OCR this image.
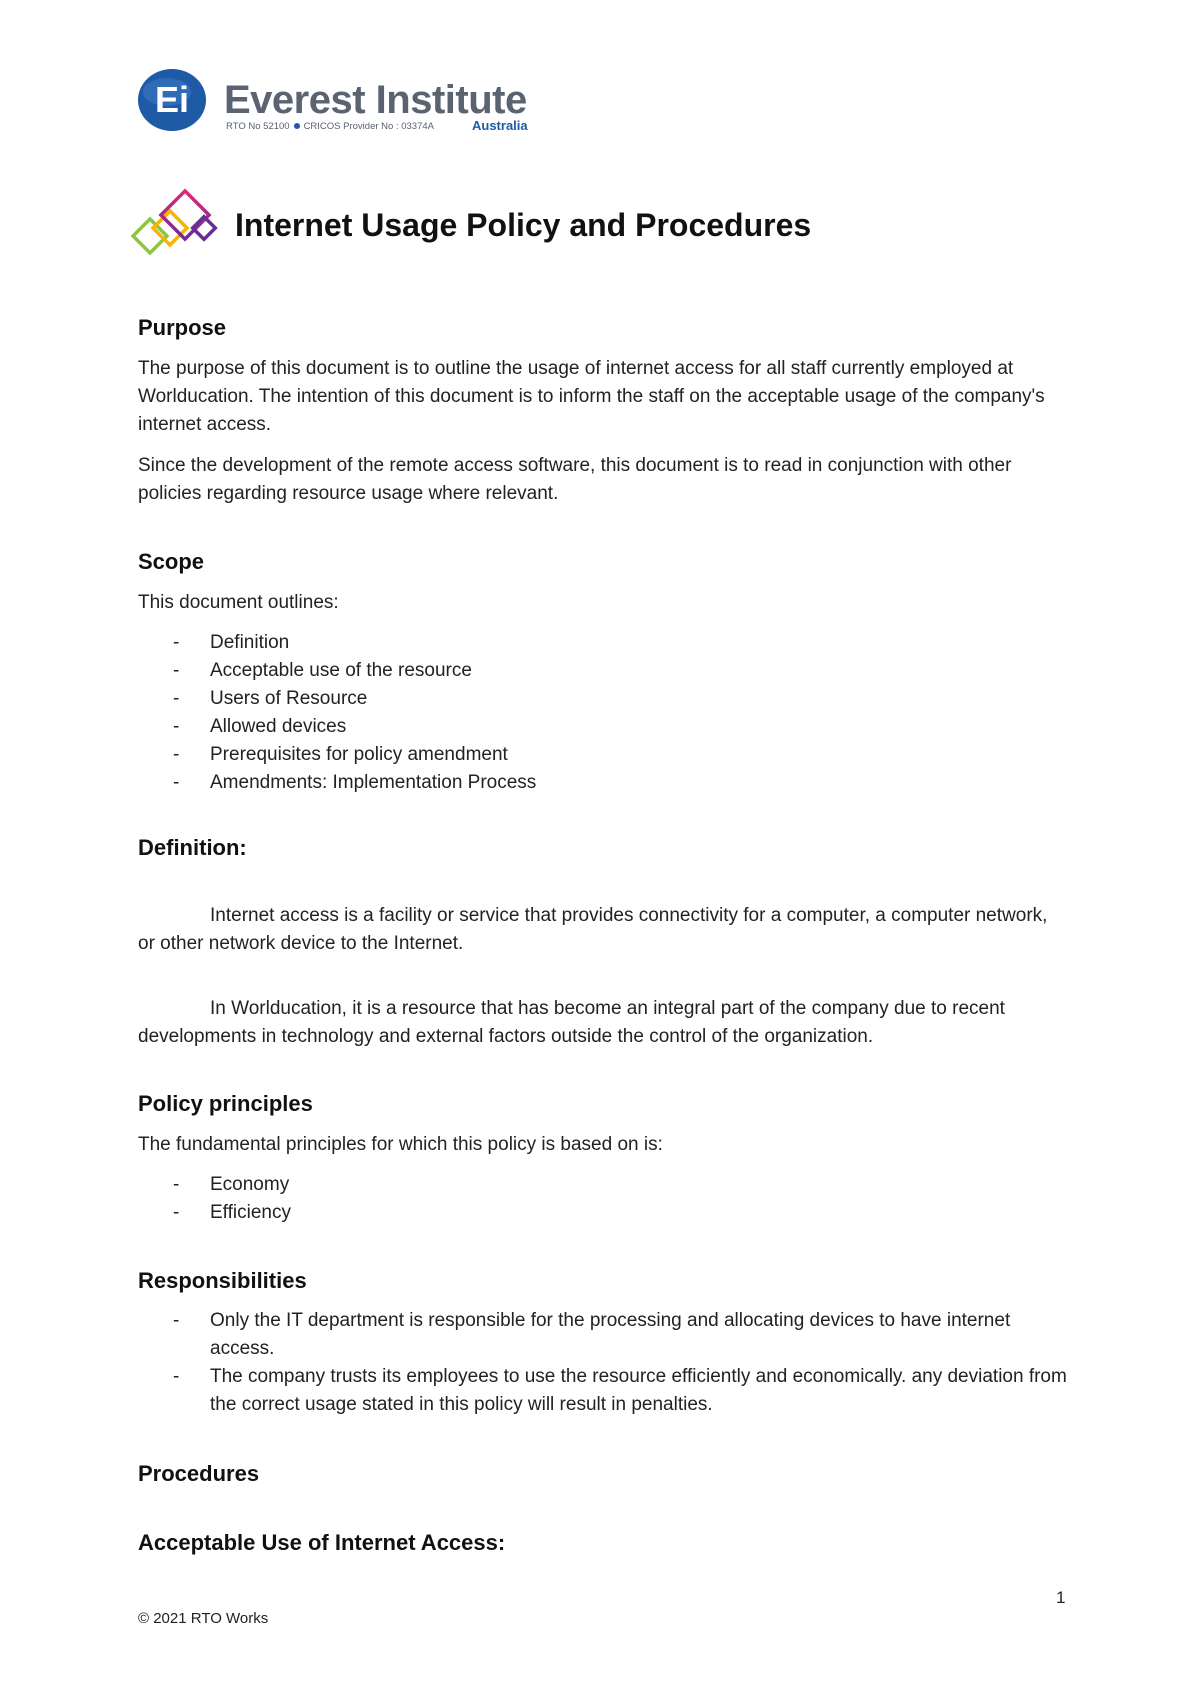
Ei Everest Institute
RTO No 52100 CRICOS Provider No : 03374A	Australia
Internet Usage Policy and Procedures
Purpose

The purpose of this document is to outline the usage of internet access for all staff currently employed at Worlducation. The intention of this document is to inform the staff on the acceptable usage of the company's internet access.

Since the development of the remote access software, this document is to read in conjunction with other policies regarding resource usage where relevant.

Scope

This document outlines:

- Definition
- Acceptable use of the resource
- Users of Resource
- Allowed devices
- Prerequisites for policy amendment
- Amendments: Implementation Process
Definition:

Internet access is a facility or service that provides connectivity for a computer, a computer network, or other network device to the Internet.

In Worlducation, it is a resource that has become an integral part of the company due to recent developments in technology and external factors outside the control of the organization.

Policy principles

The fundamental principles for which this policy is based on is:

- Economy
- Efficiency
Responsibilities
- Only the IT department is responsible for the processing and allocating devices to have internet access.
- The company trusts its employees to use the resource efficiently and economically. any deviation from the correct usage stated in this policy will result in penalties.
Procedures
Acceptable Use of Internet Access:
1
© 2021 RTO Works
